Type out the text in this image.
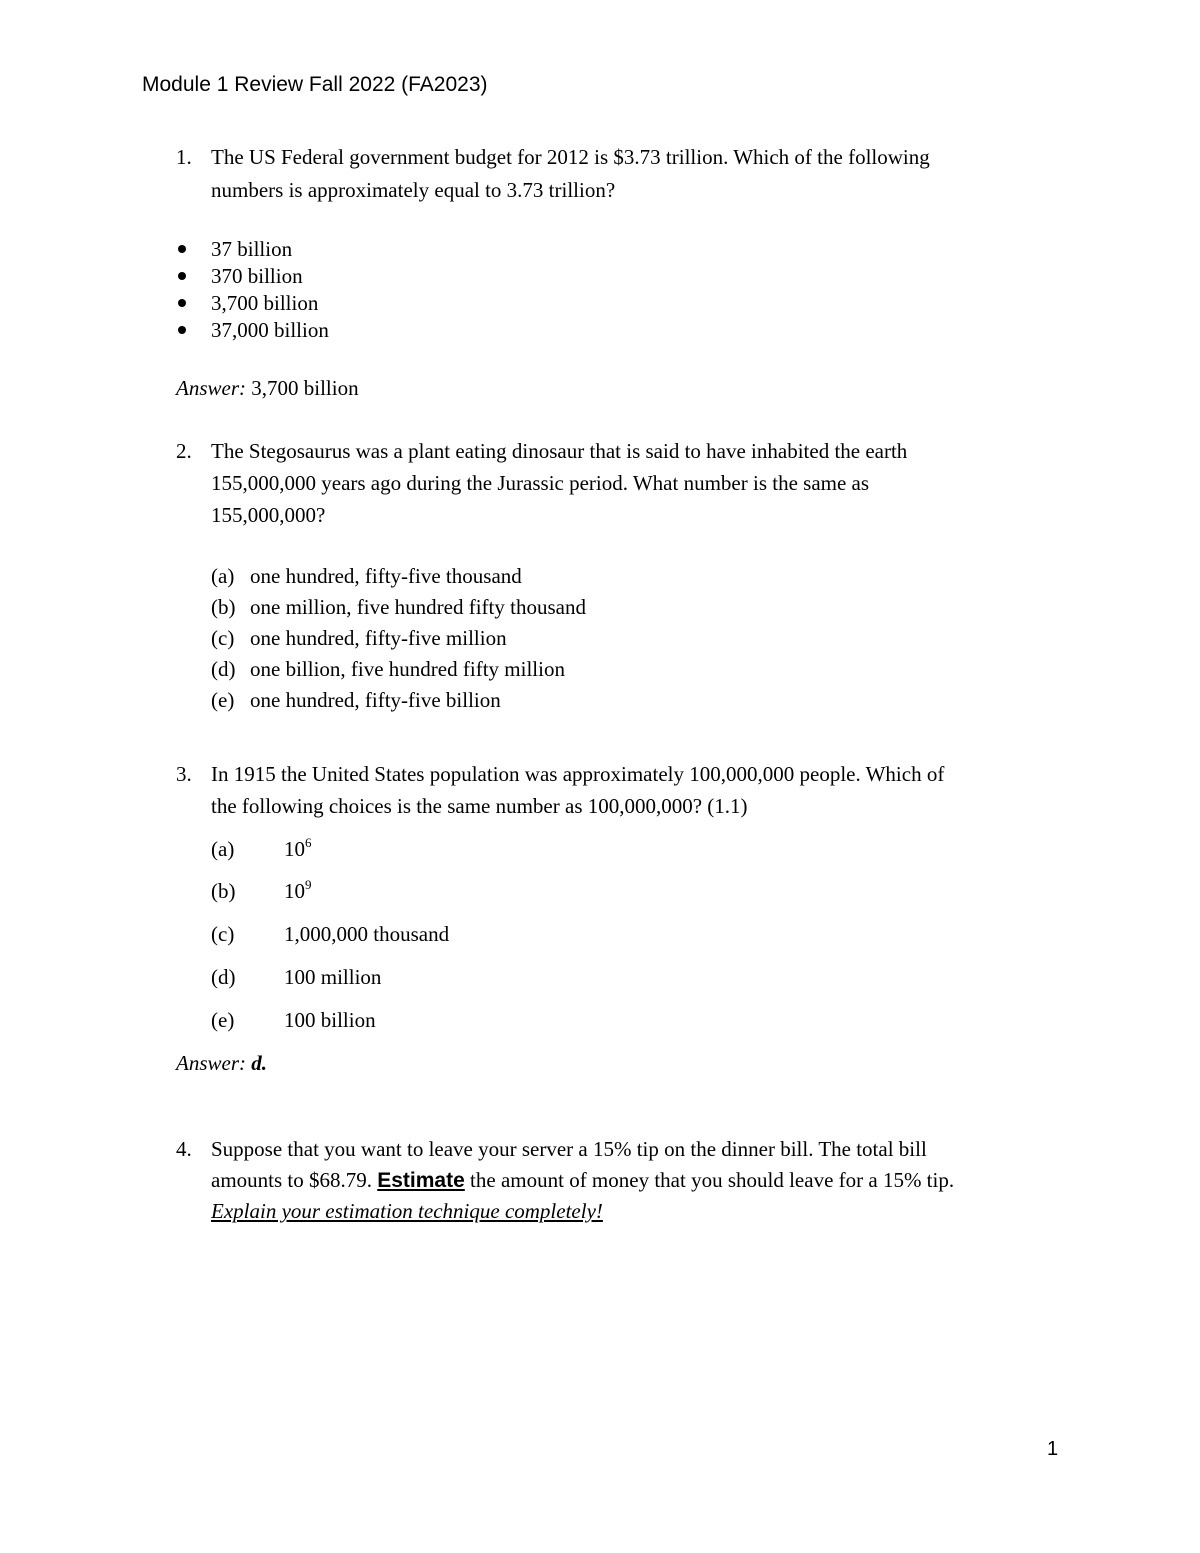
Module 1 Review Fall 2022 (FA2023)
1. The US Federal government budget for 2012 is $3.73 trillion. Which of the following
numbers is approximately equal to 3.73 trillion?
37 billion
370 billion
3,700 billion
37,000 billion
Answer: 3,700 billion
2. The Stegosaurus was a plant eating dinosaur that is said to have inhabited the earth
155,000,000 years ago during the Jurassic period. What number is the same as
155,000,000?
(a) one hundred, fifty-five thousand
(b) one million, five hundred fifty thousand
(c) one hundred, fifty-five million
(d) one billion, five hundred fifty million
(e) one hundred, fifty-five billion
3. In 1915 the United States population was approximately 100,000,000 people. Which of
the following choices is the same number as 100,000,000? (1.1)
(a) $10^6$
(b) $10^9$
(c) 1,000,000 thousand
(d) 100 million
(e) 100 billion
Answer: d.
4. Suppose that you want to leave your server a 15% tip on the dinner bill. The total bill
amounts to $68.79. Estimate the amount of money that you should leave for a 15% tip.
Explain your estimation technique completely!
1
